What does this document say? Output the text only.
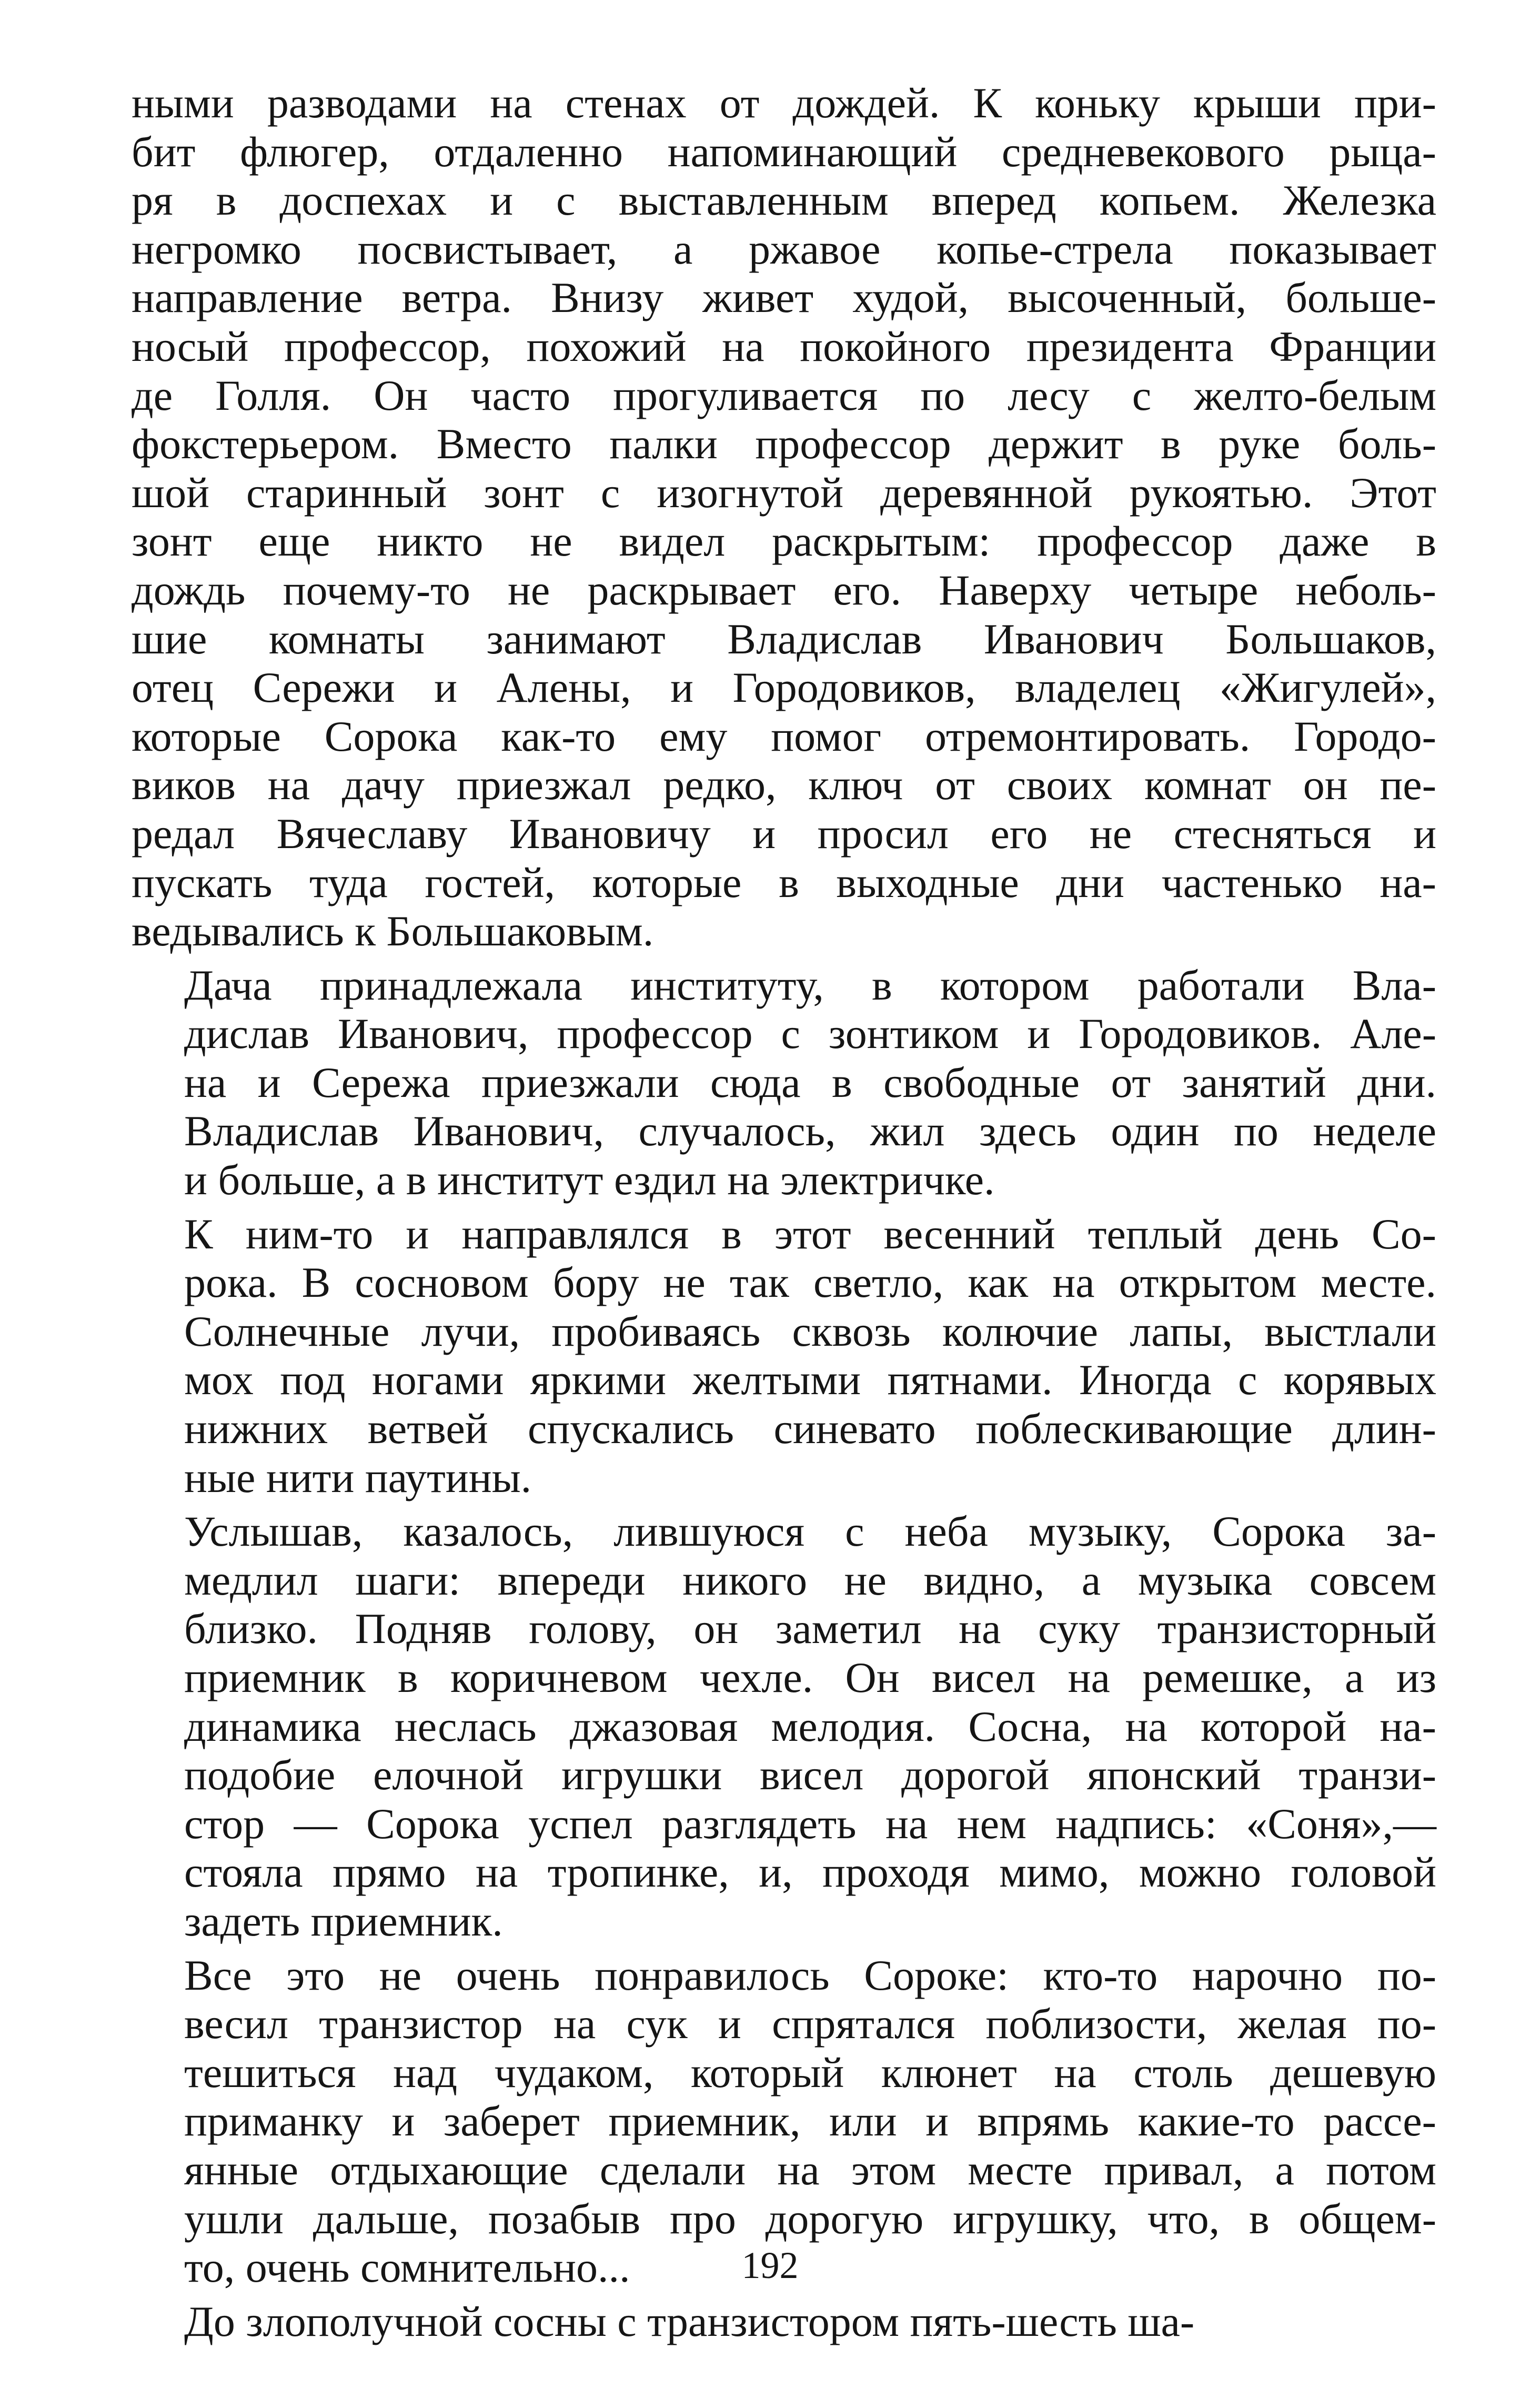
ными разводами на стенах от дождей. К коньку крыши при-
бит флюгер, отдаленно напоминающий средневекового рыца-
ря в доспехах и с выставленным вперед копьем. Железка
негромко посвистывает, а ржавое копье-стрела показывает
направление ветра. Внизу живет худой, высоченный, больше-
носый профессор, похожий на покойного президента Франции
де Голля. Он часто прогуливается по лесу с желто-белым
фокстерьером. Вместо палки профессор держит в руке боль-
шой старинный зонт с изогнутой деревянной рукоятью. Этот
зонт еще никто не видел раскрытым: профессор даже в
дождь почему-то не раскрывает его. Наверху четыре неболь-
шие комнаты занимают Владислав Иванович Большаков,
отец Сережи и Алены, и Городовиков, владелец «Жигулей»,
которые Сорока как-то ему помог отремонтировать. Городо-
виков на дачу приезжал редко, ключ от своих комнат он пе-
редал Вячеславу Ивановичу и просил его не стесняться и
пускать туда гостей, которые в выходные дни частенько на-
ведывались к Большаковым.
Дача принадлежала институту, в котором работали Вла-
дислав Иванович, профессор с зонтиком и Городовиков. Але-
на и Сережа приезжали сюда в свободные от занятий дни.
Владислав Иванович, случалось, жил здесь один по неделе
и больше, а в институт ездил на электричке.
К ним-то и направлялся в этот весенний теплый день Со-
рока. В сосновом бору не так светло, как на открытом месте.
Солнечные лучи, пробиваясь сквозь колючие лапы, выстлали
мох под ногами яркими желтыми пятнами. Иногда с корявых
нижних ветвей спускались синевато поблескивающие длин-
ные нити паутины.
Услышав, казалось, лившуюся с неба музыку, Сорока за-
медлил шаги: впереди никого не видно, а музыка совсем
близко. Подняв голову, он заметил на суку транзисторный
приемник в коричневом чехле. Он висел на ремешке, а из
динамика неслась джазовая мелодия. Сосна, на которой на-
подобие елочной игрушки висел дорогой японский транзи-
стор — Сорока успел разглядеть на нем надпись: «Соня»,—
стояла прямо на тропинке, и, проходя мимо, можно головой
задеть приемник.
Все это не очень понравилось Сороке: кто-то нарочно по-
весил транзистор на сук и спрятался поблизости, желая по-
тешиться над чудаком, который клюнет на столь дешевую
приманку и заберет приемник, или и впрямь какие-то рассе-
янные отдыхающие сделали на этом месте привал, а потом
ушли дальше, позабыв про дорогую игрушку, что, в общем-
то, очень сомнительно...
До злополучной сосны с транзистором пять-шесть ша-
192
